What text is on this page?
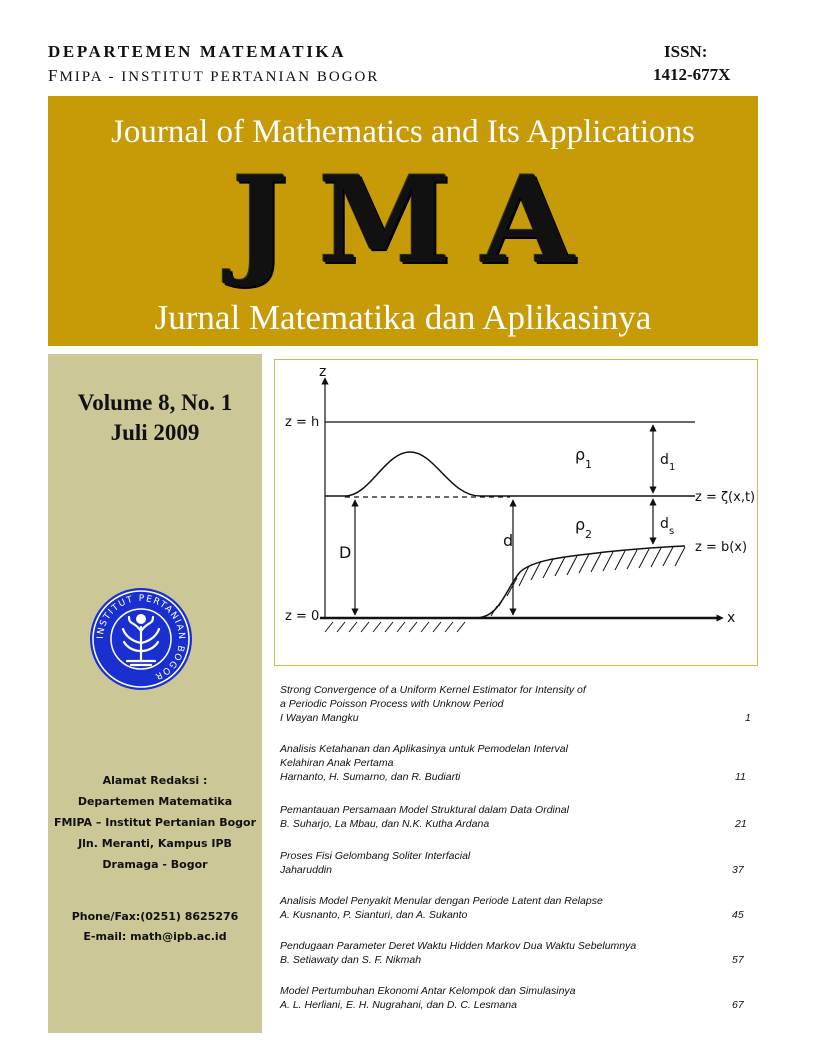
DEPARTEMEN MATEMATIKA
FMIPA - INSTITUT PERTANIAN BOGOR
ISSN:
1412-677X
Journal of Mathematics and Its Applications
JMA
Jurnal Matematika dan Aplikasinya
Volume 8, No. 1
Juli 2009
INSTITUT PERTANIAN BOGOR
Alamat Redaksi :
Departemen Matematika
FMIPA – Institut Pertanian Bogor
Jln. Meranti, Kampus IPB
Dramaga - Bogor
Phone/Fax:(0251) 8625276
E-mail: math@ipb.ac.id
z
x
z = h
z = 0
ρ
1
ρ
2
d 1
d s
D
d
z = ζ(x,t)
z = b(x)
Strong Convergence of a Uniform Kernel Estimator for Intensity of
a Periodic Poisson Process with Unknow Period
I Wayan Mangku	1
Analisis Ketahanan dan Aplikasinya untuk Pemodelan Interval
Kelahiran Anak Pertama
Harnanto, H. Sumarno, dan R. Budiarti	11
Pemantauan Persamaan Model Struktural dalam Data Ordinal
B. Suharjo, La Mbau, dan N.K. Kutha Ardana	21
Proses Fisi Gelombang Soliter Interfacial
Jaharuddin	37
Analisis Model Penyakit Menular dengan Periode Latent dan Relapse
A. Kusnanto, P. Sianturi, dan A. Sukanto	45
Pendugaan Parameter Deret Waktu Hidden Markov Dua Waktu Sebelumnya
B. Setiawaty dan S. F. Nikmah	57
Model Pertumbuhan Ekonomi Antar Kelompok dan Simulasinya
A. L. Herliani, E. H. Nugrahani, dan D. C. Lesmana	67
